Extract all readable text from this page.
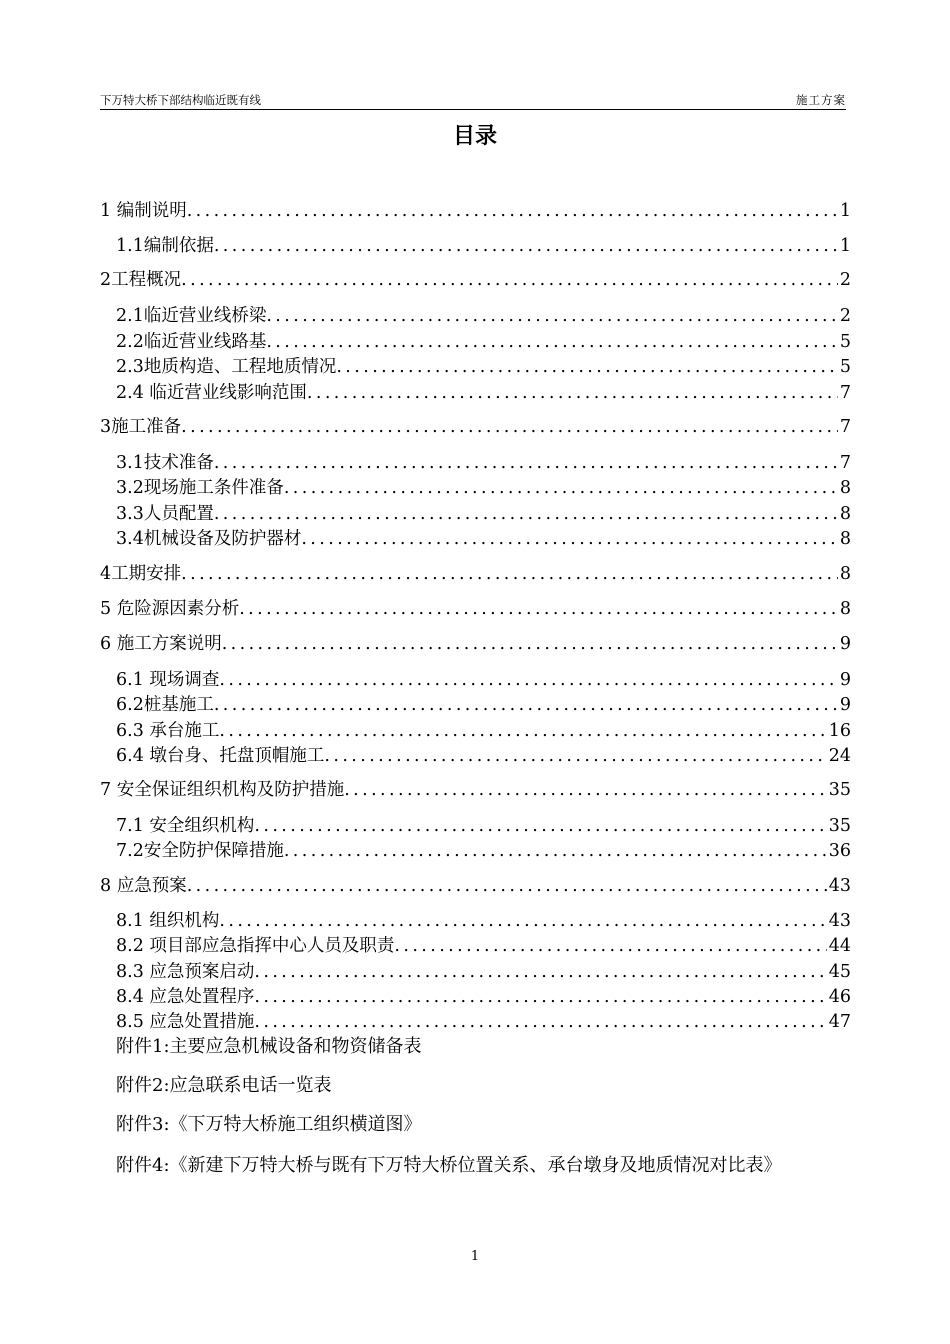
下万特大桥下部结构临近既有线	施工方案
目录
1 编制说明 .....	1
1.1编制依据 .....	1
2工程概况 .....	2
2.1临近营业线桥梁 .....	2
2.2临近营业线路基 .....	5
2.3地质构造、工程地质情况 .....	5
2.4 临近营业线影响范围 .....	7
3施工准备 .....	7
3.1技术准备 .....	7
3.2现场施工条件准备 .....	8
3.3人员配置 .....	8
3.4机械设备及防护器材 .....	8
4工期安排 .....	8
5 危险源因素分析 .....	8
6 施工方案说明 .....	9
6.1 现场调查 .....	9
6.2桩基施工 .....	9
6.3 承台施工 .....	16
6.4 墩台身、托盘顶帽施工 .....	24
7 安全保证组织机构及防护措施 .....	35
7.1 安全组织机构 .....	35
7.2安全防护保障措施 .....	36
8 应急预案 .....	43
8.1 组织机构 .....	43
8.2 项目部应急指挥中心人员及职责 .....	44
8.3 应急预案启动 .....	45
8.4 应急处置程序 .....	46
8.5 应急处置措施 .....	47
附件1:主要应急机械设备和物资储备表
附件2:应急联系电话一览表
附件3:《下万特大桥施工组织横道图》
附件4:《新建下万特大桥与既有下万特大桥位置关系、承台墩身及地质情况对比表》
1
